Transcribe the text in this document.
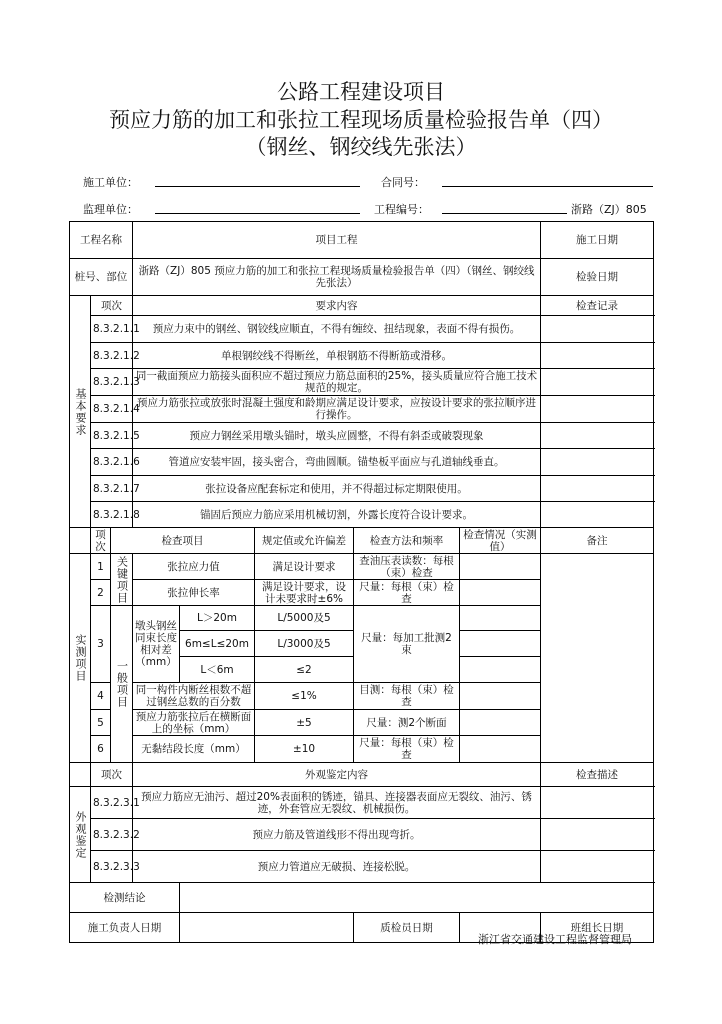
公路工程建设项目
预应力筋的加工和张拉工程现场质量检验报告单（四）
（钢丝、钢绞线先张法）
施工单位：	合同号：
监理单位：	工程编号：	浙路（ZJ）805
工程名称			项目工程					施工日期	
桩号、部位			浙路（ZJ）805 预应力筋的加工和张拉工程现场质量检验报告单（四）（钢丝、钢绞线先张法）					检验日期	
基本要求	项次		要求内容					检查记录	
	8.3.2.1.1		预应力束中的钢丝、钢铰线应顺直，不得有缠绞、扭结现象，表面不得有损伤。						
	8.3.2.1.2		单根钢绞线不得断丝，单根钢筋不得断筋或滑移。						
	8.3.2.1.3		同一截面预应力筋接头面积应不超过预应力筋总面积的25%，接头质量应符合施工技术规范的规定。						
	8.3.2.1.4		预应力筋张拉或放张时混凝土强度和龄期应满足设计要求，应按设计要求的张拉顺序进行操作。						
	8.3.2.1.5		预应力钢丝采用墩头锚时，墩头应圆整，不得有斜歪或破裂现象						
	8.3.2.1.6		管道应安装牢固，接头密合，弯曲圆顺。锚垫板平面应与孔道轴线垂直。						
	8.3.2.1.7		张拉设备应配套标定和使用，并不得超过标定期限使用。						
	8.3.2.1.8		锚固后预应力筋应采用机械切割，外露长度符合设计要求。						
	项次	检查项目			规定值或允许偏差	检查方法和频率	检查情况（实测值）	备注	
实测项目	1	关键项目	张拉应力值		满足设计要求	查油压表读数：每根（束）检查			
	2		张拉伸长率		满足设计要求，设计未要求时±6%	尺量：每根（束）检查			
	3	一般项目	墩头钢丝同束长度相对差（mm）	L＞20m	L/5000及5	尺量：每加工批测2束			
				6m≤L≤20m	L/3000及5				
				L＜6m	≤2				
	4		同一构件内断丝根数不超过钢丝总数的百分数		≤1%	目测：每根（束）检查			
	5		预应力筋张拉后在横断面上的坐标（mm）		±5	尺量：测2个断面			
	6		无黏结段长度（mm）		±10	尺量：每根（束）检查			
	项次		外观鉴定内容					检查描述	
外观鉴定	8.3.2.3.1		预应力筋应无油污、超过20%表面积的锈迹，锚具、连接器表面应无裂纹、油污、锈迹，外套管应无裂纹、机械损伤。						
	8.3.2.3.2		预应力筋及管道线形不得出现弯折。						
	8.3.2.3.3		预应力管道应无破损、连接松脱。						
检测结论									
施工负责人日期						质检员日期		班组长日期	
浙江省交通建设工程监督管理局
